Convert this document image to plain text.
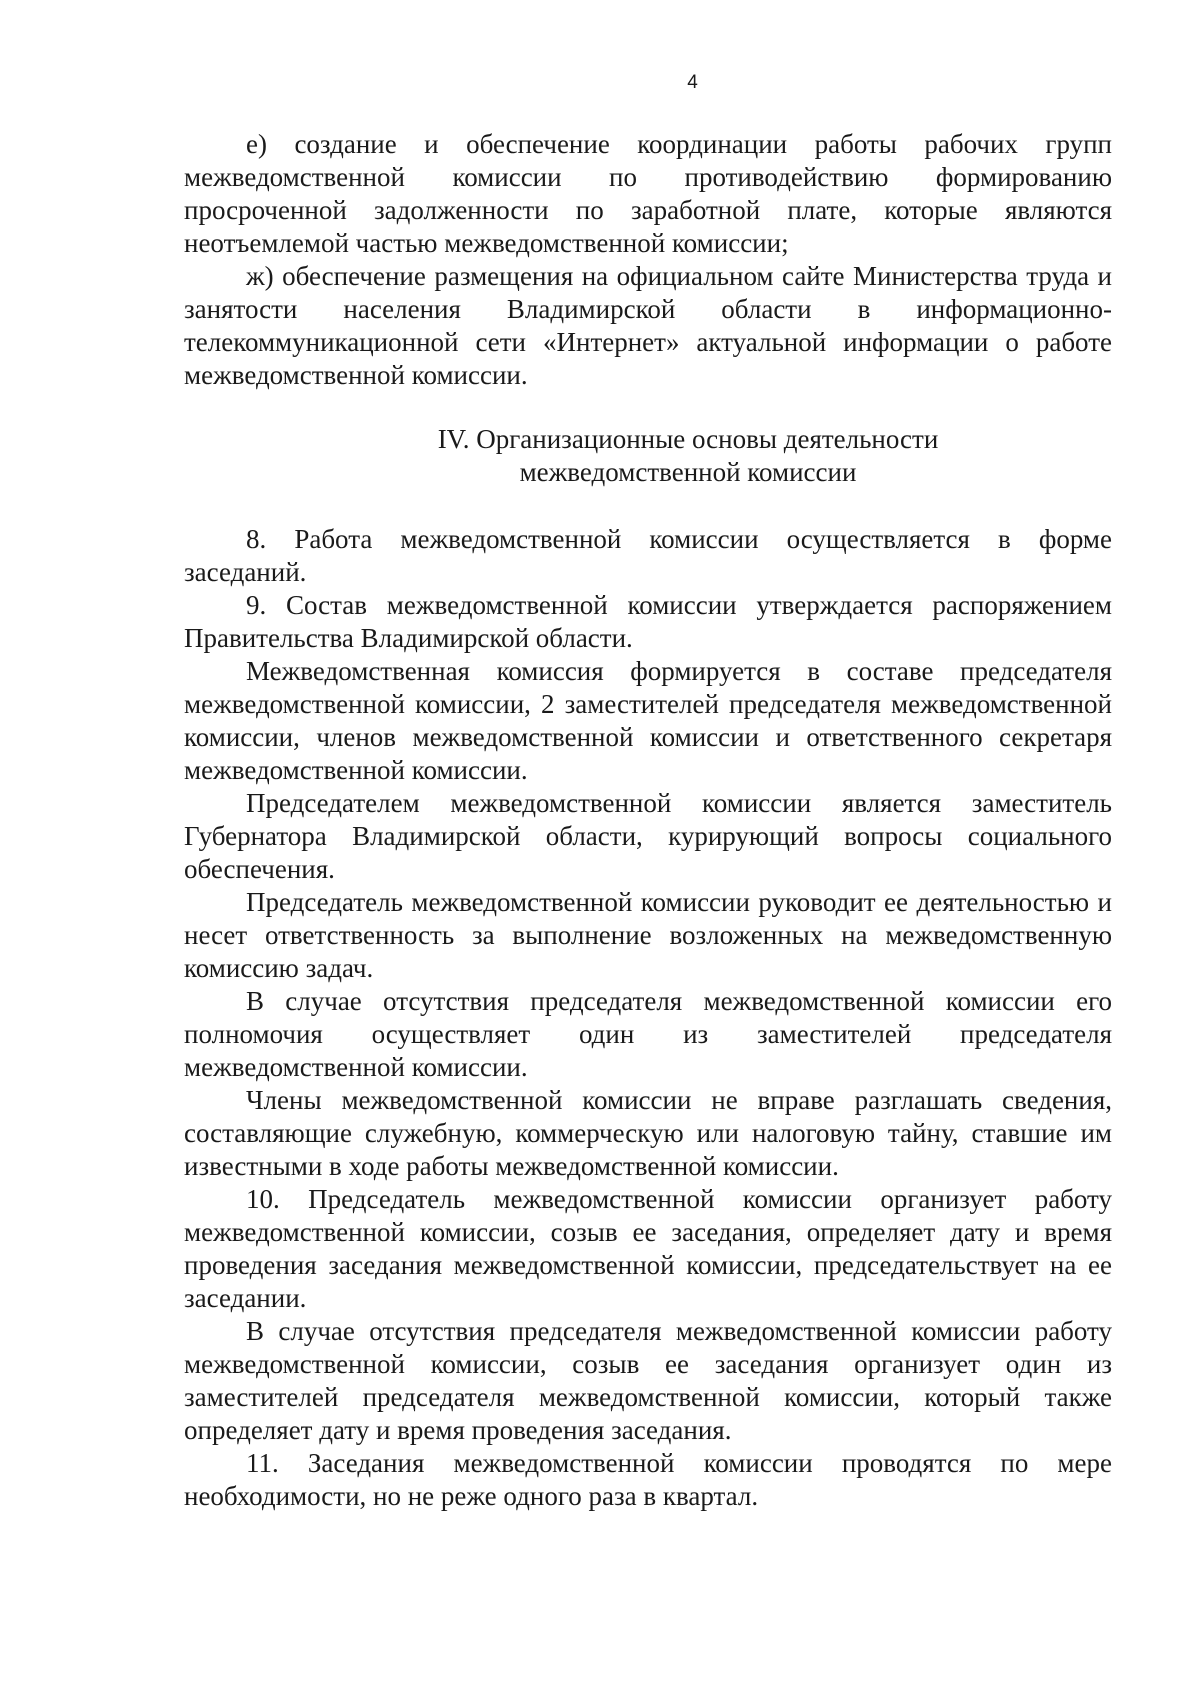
4

е) создание и обеспечение координации работы рабочих групп межведомственной комиссии по противодействию формированию просроченной задолженности по заработной плате, которые являются неотъемлемой частью межведомственной комиссии;

ж) обеспечение размещения на официальном сайте Министерства труда и занятости населения Владимирской области в информационно-телекоммуникационной сети «Интернет» актуальной информации о работе межведомственной комиссии.

IV. Организационные основы деятельности
межведомственной комиссии

8. Работа межведомственной комиссии осуществляется в форме заседаний.

9. Состав межведомственной комиссии утверждается распоряжением Правительства Владимирской области.

Межведомственная комиссия формируется в составе председателя межведомственной комиссии, 2 заместителей председателя межведомственной комиссии, членов межведомственной комиссии и ответственного секретаря межведомственной комиссии.

Председателем межведомственной комиссии является заместитель Губернатора Владимирской области, курирующий вопросы социального обеспечения.

Председатель межведомственной комиссии руководит ее деятельностью и несет ответственность за выполнение возложенных на межведомственную комиссию задач.

В случае отсутствия председателя межведомственной комиссии его полномочия осуществляет один из заместителей председателя межведомственной комиссии.

Члены межведомственной комиссии не вправе разглашать сведения, составляющие служебную, коммерческую или налоговую тайну, ставшие им известными в ходе работы межведомственной комиссии.

10. Председатель межведомственной комиссии организует работу межведомственной комиссии, созыв ее заседания, определяет дату и время проведения заседания межведомственной комиссии, председательствует на ее заседании.

В случае отсутствия председателя межведомственной комиссии работу межведомственной комиссии, созыв ее заседания организует один из заместителей председателя межведомственной комиссии, который также определяет дату и время проведения заседания.

11. Заседания межведомственной комиссии проводятся по мере необходимости, но не реже одного раза в квартал.
